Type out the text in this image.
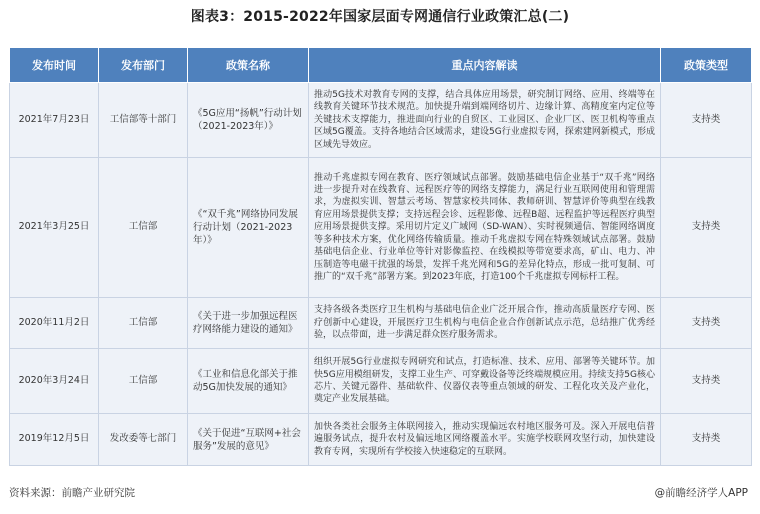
图表3：2015-2022年国家层面专网通信行业政策汇总(二)
发布时间	发布部门	政策名称	重点内容解读	政策类型
2021年7月23日	工信部等十部门	《5G应用“扬帆”行动计划（2021-2023年）》	推动5G技术对教育专网的支撑，结合具体应用场景，研究制订网络、应用、终端等在线教育关键环节技术规范。加快提升端到端网络切片、边缘计算、高精度室内定位等关键技术支撑能力，推进面向行业的自贸区、工业园区、企业厂区、医卫机构等重点区域5G覆盖。支持各地结合区域需求，建设5G行业虚拟专网，探索建网新模式，形成区域先导效应。	支持类
2021年3月25日	工信部	《“双千兆”网络协同发展行动计划（2021-2023年）》	推动千兆虚拟专网在教育、医疗领域试点部署。鼓励基础电信企业基于“双千兆”网络进一步提升对在线教育、远程医疗等的网络支撑能力，满足行业互联网使用和管理需求，为虚拟实训、智慧云考场、智慧家校共同体、教师研训、智慧评价等典型在线教育应用场景提供支撑；支持远程会诊、远程影像、远程B超、远程监护等远程医疗典型应用场景提供支撑。采用切片定义广域网（SD-WAN）、实时视频通信、智能网络调度等多种技术方案，优化网络传输质量。推动千兆虚拟专网在特殊领域试点部署。鼓励基础电信企业、行业单位等针对影像监控、在线模拟等带宽要求高，矿山、电力、冲压制造等电磁干扰强的场景，发挥千兆光网和5G的差异化特点，形成一批可复制、可推广的“双千兆”部署方案。到2023年底，打造100个千兆虚拟专网标杆工程。	支持类
2020年11月2日	工信部	《关于进一步加强远程医疗网络能力建设的通知》	支持各级各类医疗卫生机构与基础电信企业广泛开展合作，推动高质量医疗专网、医疗创新中心建设，开展医疗卫生机构与电信企业合作创新试点示范，总结推广优秀经验，以点带面，进一步满足群众医疗服务需求。	支持类
2020年3月24日	工信部	《工业和信息化部关于推动5G加快发展的通知》	组织开展5G行业虚拟专网研究和试点，打造标准、技术、应用、部署等关键环节。加快5G应用模组研发，支撑工业生产、可穿戴设备等泛终端规模应用。持续支持5G核心芯片、关键元器件、基础软件、仪器仪表等重点领域的研发、工程化攻关及产业化，奠定产业发展基础。	支持类
2019年12月5日	发改委等七部门	《关于促进“互联网+社会服务”发展的意见》	加快各类社会服务主体联网接入，推动实现偏远农村地区服务可及。深入开展电信普遍服务试点，提升农村及偏远地区网络覆盖水平。实施学校联网攻坚行动，加快建设教育专网，实现所有学校接入快速稳定的互联网。	支持类
资料来源：前瞻产业研究院	@前瞻经济学人APP
